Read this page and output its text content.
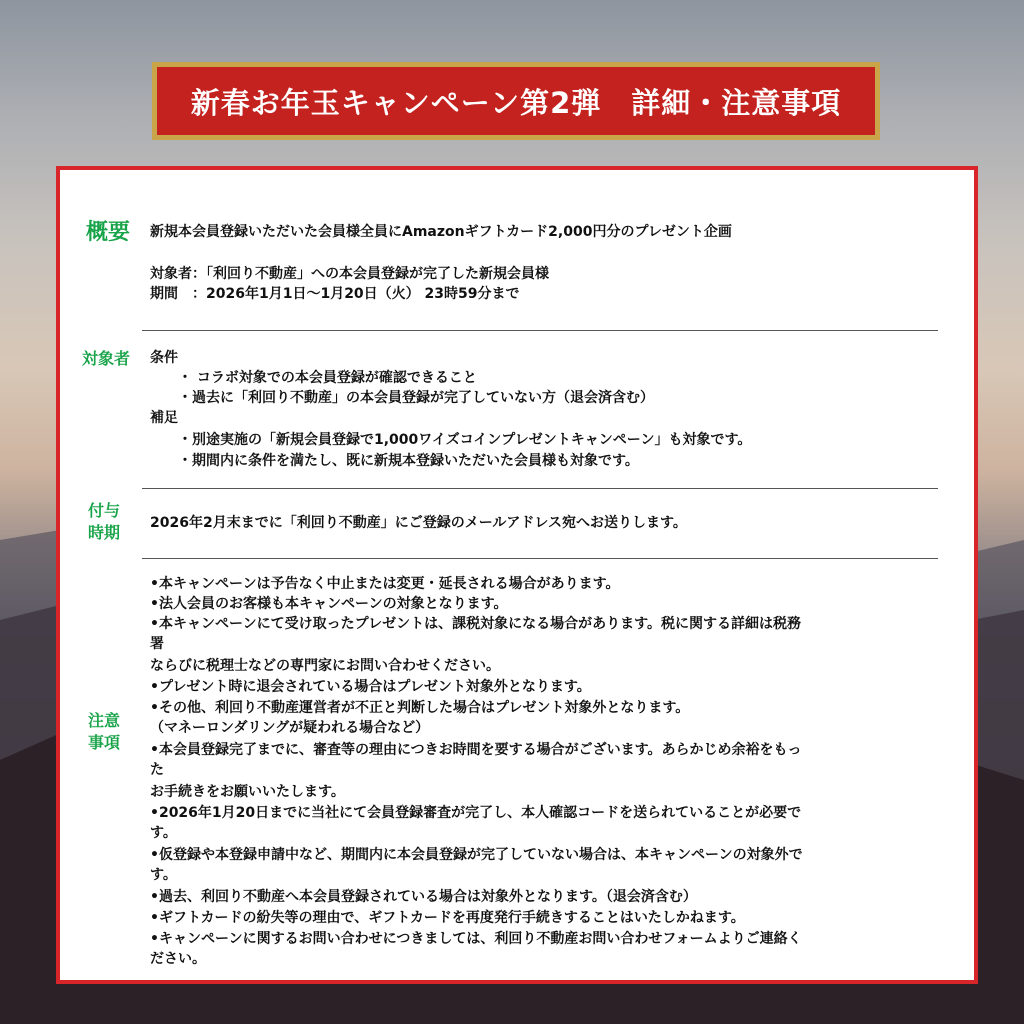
新春お年玉キャンペーン第2弾　詳細・注意事項
概要	新規本会員登録いただいた会員様全員にAmazonギフトカード2,000円分のプレゼント企画

対象者：「利回り不動産」への本会員登録が完了した新規会員様

期間　：2026年1月1日〜1月20日（火） 23時59分まで

対象者	条件

　　・ コラボ対象での本会員登録が確認できること

　　・過去に「利回り不動産」の本会員登録が完了していない方（退会済含む）

補足

　　・別途実施の「新規会員登録で1,000ワイズコインプレゼントキャンペーン」も対象です。

　　・期間内に条件を満たし、既に新規本登録いただいた会員様も対象です。

付与
時期	2026年2月末までに「利回り不動産」にご登録のメールアドレス宛へお送りします。

注意
事項

•本キャンペーンは予告なく中止または変更・延長される場合があります。

•法人会員のお客様も本キャンペーンの対象となります。

•本キャンペーンにて受け取ったプレゼントは、課税対象になる場合があります。税に関する詳細は税務

署

ならびに税理士などの専門家にお問い合わせください。

•プレゼント時に退会されている場合はプレゼント対象外となります。

•その他、利回り不動産運営者が不正と判断した場合はプレゼント対象外となります。

（マネーロンダリングが疑われる場合など）

•本会員登録完了までに、審査等の理由につきお時間を要する場合がございます。あらかじめ余裕をもっ

た

お手続きをお願いいたします。

•2026年1月20日までに当社にて会員登録審査が完了し、本人確認コードを送られていることが必要で

す。

•仮登録や本登録申請中など、期間内に本会員登録が完了していない場合は、本キャンペーンの対象外で

す。

•過去、利回り不動産へ本会員登録されている場合は対象外となります。（退会済含む）

•ギフトカードの紛失等の理由で、ギフトカードを再度発行手続きすることはいたしかねます。

•キャンペーンに関するお問い合わせにつきましては、利回り不動産お問い合わせフォームよりご連絡く

ださい。
